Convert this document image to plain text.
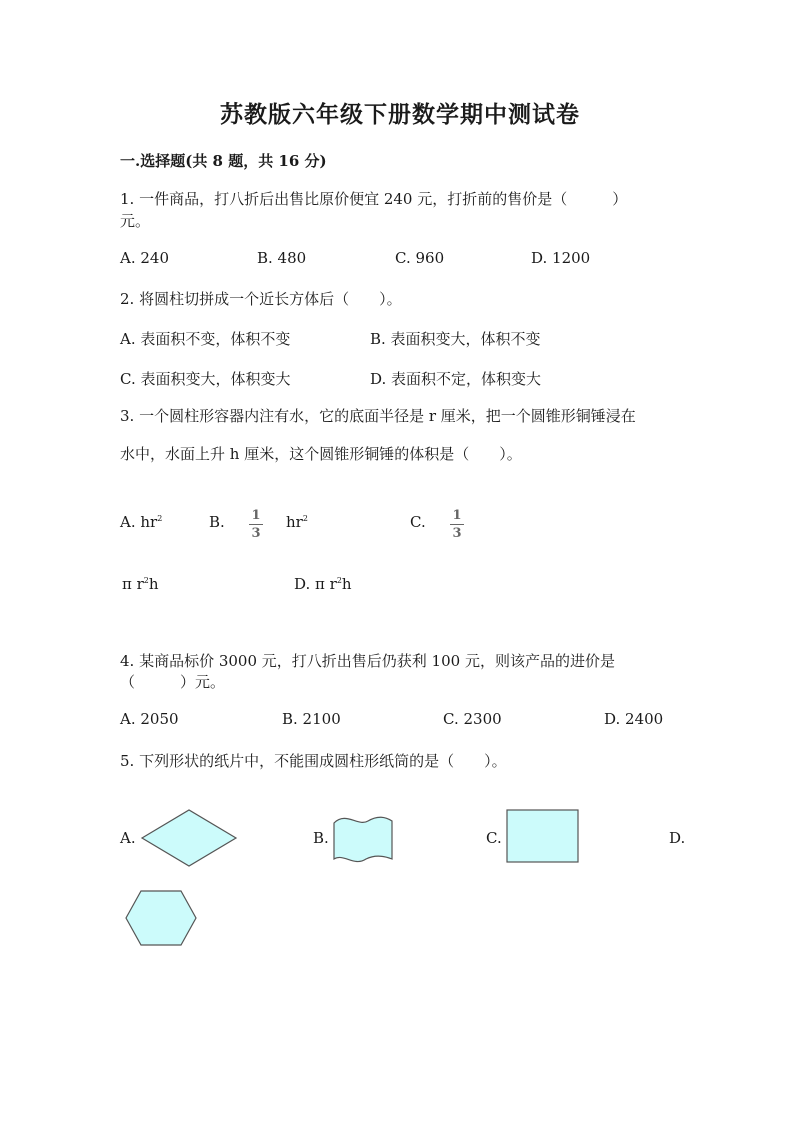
苏教版六年级下册数学期中测试卷
一.选择题(共 8 题，共 16 分)
1. 一件商品，打八折后出售比原价便宜 240 元，打折前的售价是（　　　）
元。
A. 240	B. 480	C. 960	D. 1200
2. 将圆柱切拼成一个近长方体后（　　）。
A. 表面积不变，体积不变	B. 表面积变大，体积不变
C. 表面积变大，体积变大	D. 表面积不定，体积变大
3. 一个圆柱形容器内注有水，它的底面半径是 r 厘米，把一个圆锥形铜锤浸在
水中，水面上升 h 厘米，这个圆锥形铜锤的体积是（　　）。
A. $hr^2$	B. 1
3
$hr^2$	C. 1
3
π $r^2h$	D. π $r^2h$
4. 某商品标价 3000 元，打八折出售后仍获利 100 元，则该产品的进价是
（　　　）元。
A. 2050	B. 2100	C. 2300	D. 2400
5. 下列形状的纸片中，不能围成圆柱形纸筒的是（　　）。
A.	B.	C.	D.
